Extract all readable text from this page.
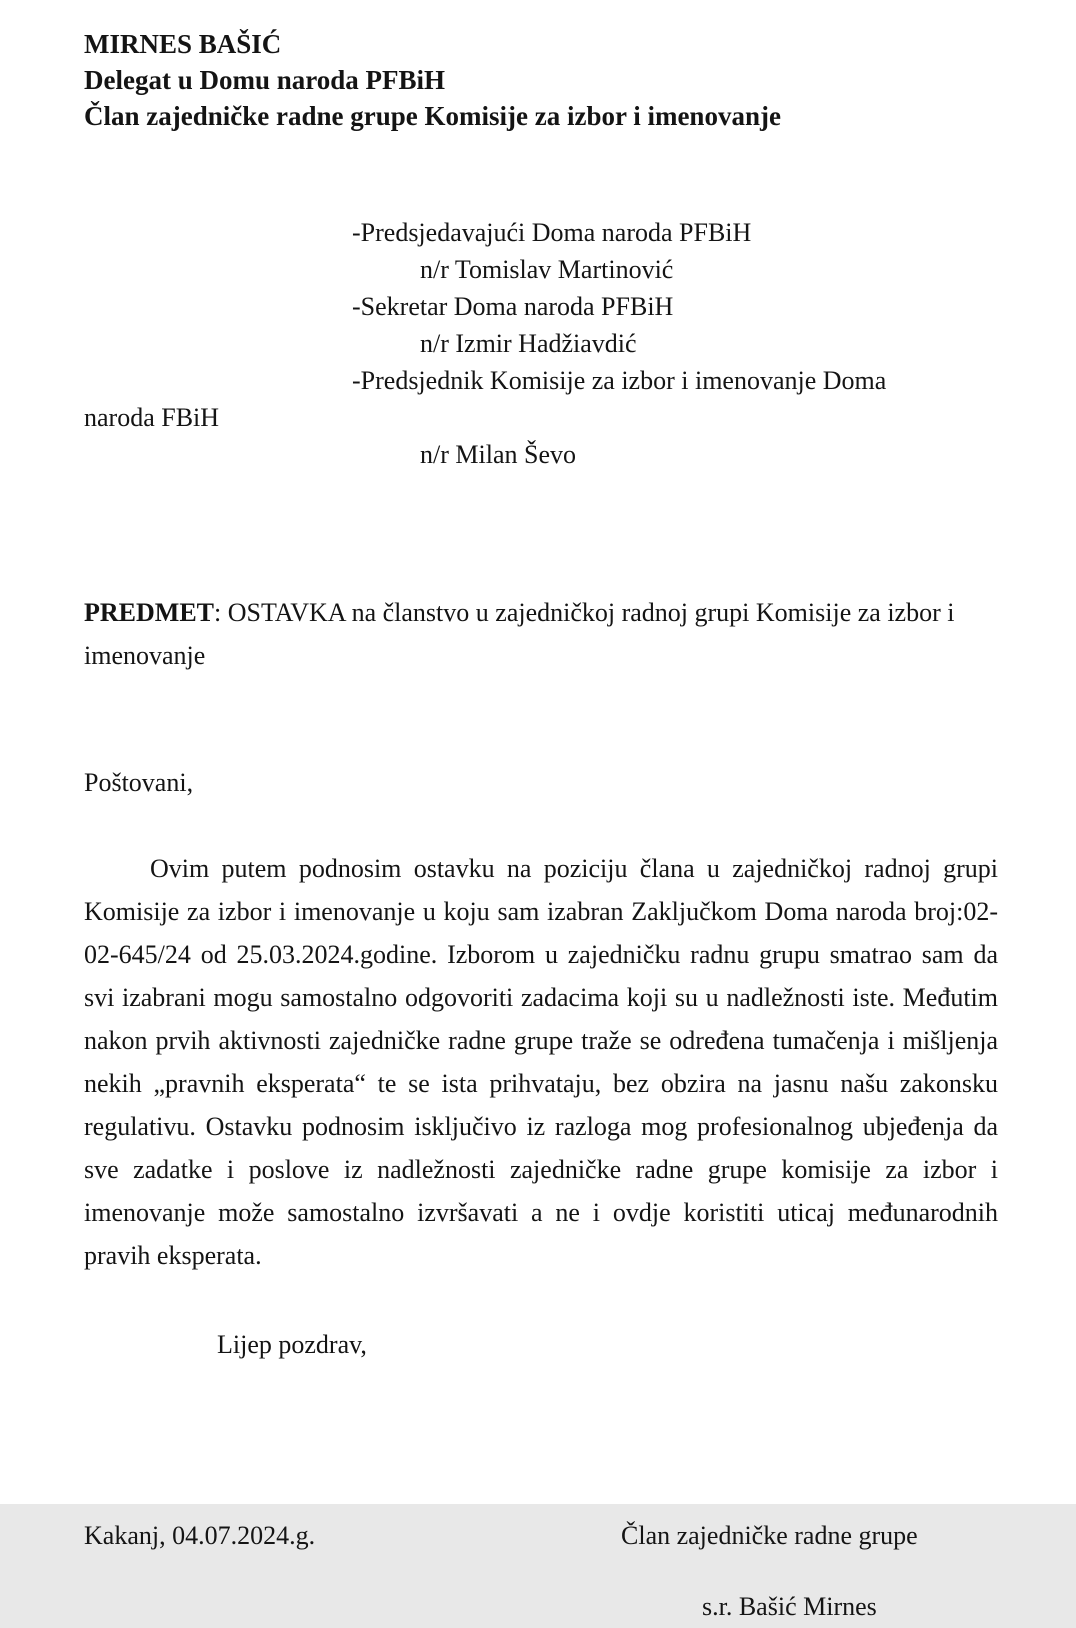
MIRNES BAŠIĆ
Delegat u Domu naroda PFBiH
Član zajedničke radne grupe Komisije za izbor i imenovanje
-Predsjedavajući Doma naroda PFBiH
n/r Tomislav Martinović
-Sekretar Doma naroda PFBiH
n/r Izmir Hadžiavdić
-Predsjednik Komisije za izbor i imenovanje Doma
naroda FBiH
n/r Milan Ševo
PREDMET: OSTAVKA na članstvo u zajedničkoj radnoj grupi Komisije za izbor i imenovanje
Poštovani,

Ovim putem podnosim ostavku na poziciju člana u zajedničkoj radnoj grupi Komisije za izbor i imenovanje u koju sam izabran Zaključkom Doma naroda broj:02-02-645/24 od 25.03.2024.godine. Izborom u zajedničku radnu grupu smatrao sam da svi izabrani mogu samostalno odgovoriti zadacima koji su u nadležnosti iste. Međutim nakon prvih aktivnosti zajedničke radne grupe traže se određena tumačenja i mišljenja nekih „pravnih eksperata“ te se ista prihvataju, bez obzira na jasnu našu zakonsku regulativu. Ostavku podnosim isključivo iz razloga mog profesionalnog ubjeđenja da sve zadatke i poslove iz nadležnosti zajedničke radne grupe komisije za izbor i imenovanje može samostalno izvršavati a ne i ovdje koristiti uticaj međunarodnih pravih eksperata.

Lijep pozdrav,
Kakanj, 04.07.2024.g.	Član zajedničke radne grupe
s.r. Bašić Mirnes
